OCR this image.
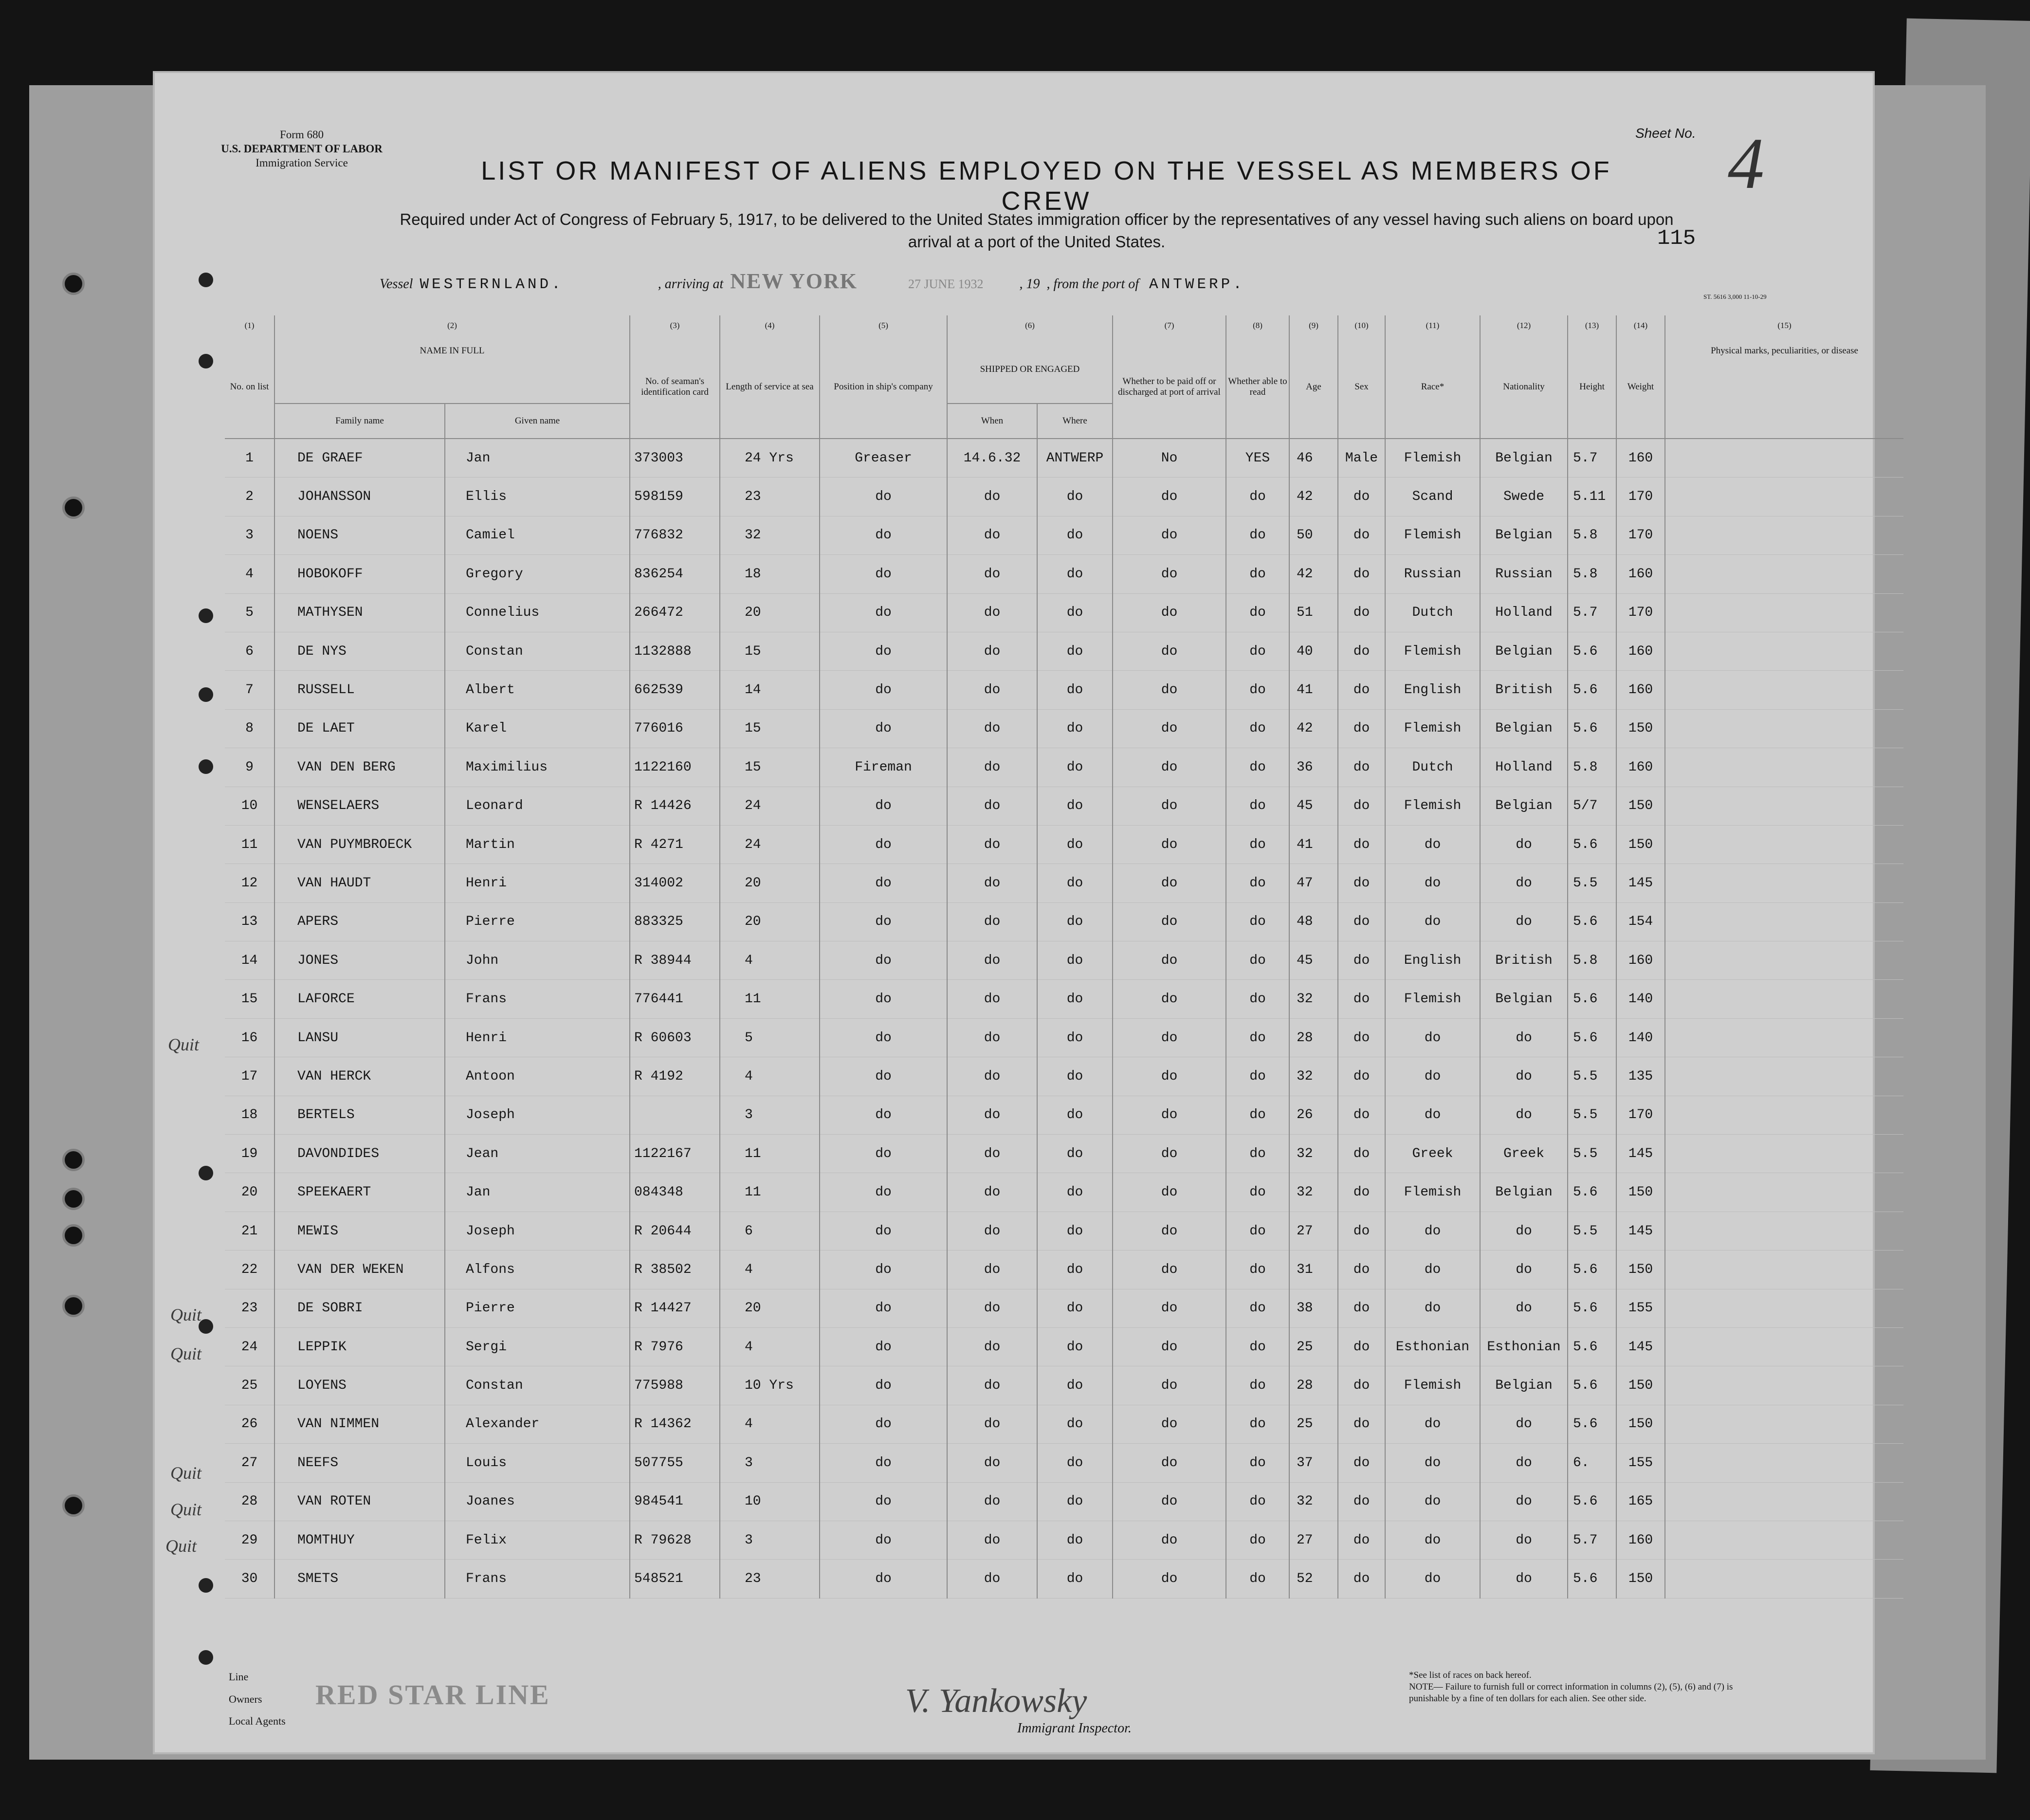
Form 680
U.S. DEPARTMENT OF LABOR
Immigration Service	LIST OR MANIFEST OF ALIENS EMPLOYED ON THE VESSEL AS MEMBERS OF CREW
Sheet No. 4
Required under Act of Congress of February 5, 1917, to be delivered to the United States immigration officer by the representatives of any vessel having such aliens on board upon
arrival at a port of the United States.	115
Vessel WESTERNLAND.	, arriving at NEW YORK	27 JUNE 1932	, 19 , from the port of ANTWERP.
ST. 5616 3,000 11-10-29
	(1)	(2)		(3)	(4)	(5)	(6)		(7)	(8)	(9)	(10)	(11)	(12)	(13)	(14)	(15)
	No. on list	NAME IN FULL		No. of seaman's identification card	Length of service at sea	Position in ship's company	SHIPPED OR ENGAGED		Whether to be paid off or discharged at port of arrival	Whether able to read	Age	Sex	Race*	Nationality	Height	Weight	Physical marks, peculiarities, or disease
		Family name	Given name				When	Where									
	1	DE GRAEF	Jan	373003	24 Yrs	Greaser	14.6.32	ANTWERP	No	YES	46	Male	Flemish	Belgian	5.7	160	
	2	JOHANSSON	Ellis	598159	23	do	do	do	do	do	42	do	Scand	Swede	5.11	170	
	3	NOENS	Camiel	776832	32	do	do	do	do	do	50	do	Flemish	Belgian	5.8	170	
	4	HOBOKOFF	Gregory	836254	18	do	do	do	do	do	42	do	Russian	Russian	5.8	160	
	5	MATHYSEN	Connelius	266472	20	do	do	do	do	do	51	do	Dutch	Holland	5.7	170	
	6	DE NYS	Constan	1132888	15	do	do	do	do	do	40	do	Flemish	Belgian	5.6	160	
	7	RUSSELL	Albert	662539	14	do	do	do	do	do	41	do	English	British	5.6	160	
	8	DE LAET	Karel	776016	15	do	do	do	do	do	42	do	Flemish	Belgian	5.6	150	
	9	VAN DEN BERG	Maximilius	1122160	15	Fireman	do	do	do	do	36	do	Dutch	Holland	5.8	160	
	10	WENSELAERS	Leonard	R 14426	24	do	do	do	do	do	45	do	Flemish	Belgian	5/7	150	
	11	VAN PUYMBROECK	Martin	R 4271	24	do	do	do	do	do	41	do	do	do	5.6	150	
	12	VAN HAUDT	Henri	314002	20	do	do	do	do	do	47	do	do	do	5.5	145	
	13	APERS	Pierre	883325	20	do	do	do	do	do	48	do	do	do	5.6	154	
	14	JONES	John	R 38944	4	do	do	do	do	do	45	do	English	British	5.8	160	
	15	LAFORCE	Frans	776441	11	do	do	do	do	do	32	do	Flemish	Belgian	5.6	140	
	16	LANSU	Henri	R 60603	5	do	do	do	do	do	28	do	do	do	5.6	140	
	17	VAN HERCK	Antoon	R 4192	4	do	do	do	do	do	32	do	do	do	5.5	135	
	18	BERTELS	Joseph		3	do	do	do	do	do	26	do	do	do	5.5	170	
	19	DAVONDIDES	Jean	1122167	11	do	do	do	do	do	32	do	Greek	Greek	5.5	145	
	20	SPEEKAERT	Jan	084348	11	do	do	do	do	do	32	do	Flemish	Belgian	5.6	150	
	21	MEWIS	Joseph	R 20644	6	do	do	do	do	do	27	do	do	do	5.5	145	
	22	VAN DER WEKEN	Alfons	R 38502	4	do	do	do	do	do	31	do	do	do	5.6	150	
	23	DE SOBRI	Pierre	R 14427	20	do	do	do	do	do	38	do	do	do	5.6	155	
	24	LEPPIK	Sergi	R 7976	4	do	do	do	do	do	25	do	Esthonian	Esthonian	5.6	145	
	25	LOYENS	Constan	775988	10 Yrs	do	do	do	do	do	28	do	Flemish	Belgian	5.6	150	
	26	VAN NIMMEN	Alexander	R 14362	4	do	do	do	do	do	25	do	do	do	5.6	150	
	27	NEEFS	Louis	507755	3	do	do	do	do	do	37	do	do	do	6.	155	
	28	VAN ROTEN	Joanes	984541	10	do	do	do	do	do	32	do	do	do	5.6	165	
	29	MOMTHUY	Felix	R 79628	3	do	do	do	do	do	27	do	do	do	5.7	160	
	30	SMETS	Frans	548521	23	do	do	do	do	do	52	do	do	do	5.6	150	
Quit
Quit
Quit
Quit
Quit
Quit
Line
Owners
Local Agents
RED STAR LINE	V. Yankowsky
Immigrant Inspector.
*See list of races on back hereof.
NOTE— Failure to furnish full or correct information in columns (2), (5), (6) and (7) is punishable by a fine of ten dollars for each alien. See other side.
